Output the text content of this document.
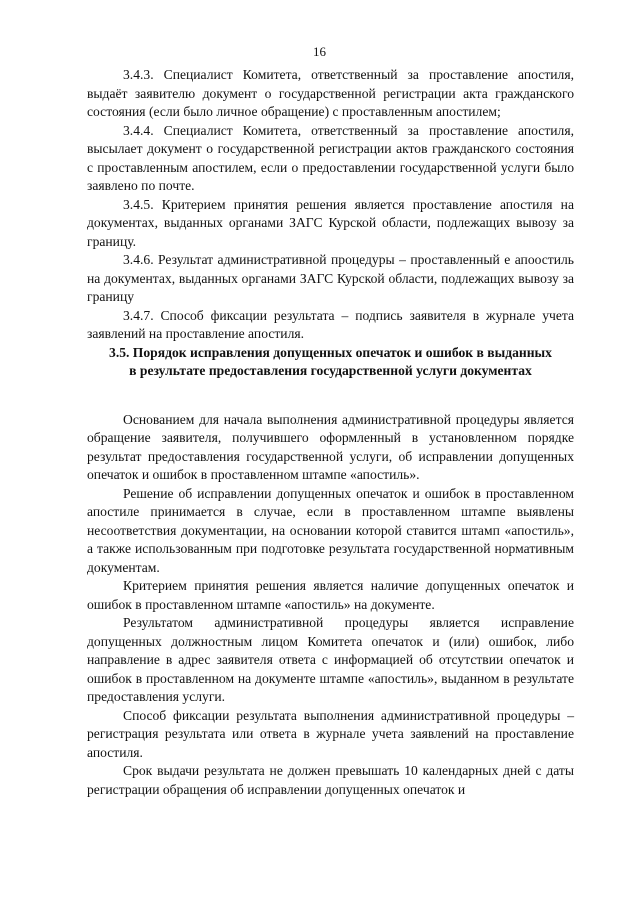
16

3.4.3. Специалист Комитета, ответственный за проставление апостиля, выдаёт заявителю документ о государственной регистрации акта гражданского состояния (если было личное обращение) с проставленным апостилем;

3.4.4. Специалист Комитета, ответственный за проставление апостиля, высылает документ о государственной регистрации актов гражданского состояния с проставленным апостилем, если о предоставлении государственной услуги было заявлено по почте.

3.4.5. Критерием принятия решения является проставление апостиля на документах, выданных органами ЗАГС Курской области, подлежащих вывозу за границу.

3.4.6. Результат административной процедуры – проставленный е апоостиль на документах, выданных органами ЗАГС Курской области, подлежащих вывозу за границу

3.4.7. Способ фиксации результата – подпись заявителя в журнале учета заявлений на проставление апостиля.

3.5. Порядок исправления допущенных опечаток и ошибок в выданных в результате предоставления государственной услуги документах

Основанием для начала выполнения административной процедуры является обращение заявителя, получившего оформленный в установленном порядке результат предоставления государственной услуги, об исправлении допущенных опечаток и ошибок в проставленном штампе «апостиль».

Решение об исправлении допущенных опечаток и ошибок в проставленном апостиле принимается в случае, если в проставленном штампе выявлены несоответствия документации, на основании которой ставится штамп «апостиль», а также использованным при подготовке результата государственной нормативным документам.

Критерием принятия решения является наличие допущенных опечаток и ошибок в проставленном штампе «апостиль» на документе.

Результатом административной процедуры является исправление допущенных должностным лицом Комитета опечаток и (или) ошибок, либо направление в адрес заявителя ответа с информацией об отсутствии опечаток и ошибок в проставленном на документе штампе «апостиль», выданном в результате предоставления услуги.

Способ фиксации результата выполнения административной процедуры – регистрация результата или ответа в журнале учета заявлений на проставление апостиля.

Срок выдачи результата не должен превышать 10 календарных дней с даты регистрации обращения об исправлении допущенных опечаток и
